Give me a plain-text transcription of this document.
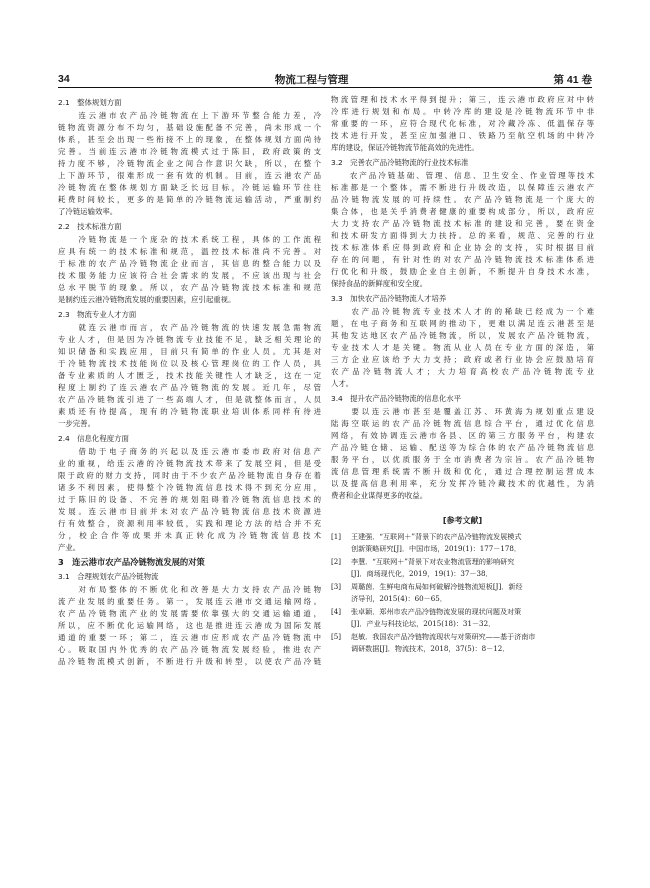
34	物流工程与管理	第 41 卷
2.1　整体规划方面
　　连云港市农产品冷链物流在上下游环节整合能力差，冷
链物流资源分布不均匀，基础设施配备不完善，尚未形成一个
体系，甚至会出现一些衔接不上的现象，在整体规划方面尚待
完善。当前连云港市冷链物流模式过于陈旧，政府政策的支
持力度不够，冷链物流企业之间合作意识欠缺，所以，在整个
上下游环节，很难形成一套有效的机制。目前，连云港农产品
冷链物流在整体规划方面缺乏长远目标，冷链运输环节往往
耗费时间较长，更多的是简单的冷链物流运输活动，严重制约
了冷链运输效率。
2.2　技术标准方面
　　冷链物流是一个庞杂的技术系统工程，具体的工作流程
应具有统一的技术标准和规范，温控技术标准尚不完善。对
于标准的农产品冷链物流企业而言，其信息的整合能力以及
技术服务能力应该符合社会需求的发展，不应该出现与社会
总水平脱节的现象。所以，农产品冷链物流技术标准和规范
是制约连云港冷链物流发展的重要因素，应引起重视。
2.3　物流专业人才方面
　　就连云港市而言，农产品冷链物流的快速发展急需物流
专业人才，但是因为冷链物流专业技能不足，缺乏相关理论的
知识储备和实践应用，目前只有简单的作业人员。尤其是对
于冷链物流技术技能岗位以及核心管理岗位的工作人员，具
备专业素质的人才匮乏，技术技能关键性人才缺乏，这在一定
程度上制约了连云港农产品冷链物流的发展。近几年，尽管
农产品冷链物流引进了一些高端人才，但是就整体而言，人员
素质还有待提高，现有的冷链物流职业培训体系同样有待进
一步完善。
2.4　信息化程度方面
　　借助于电子商务的兴起以及连云港市委市政府对信息产
业的重视，给连云港的冷链物流技术带来了发展空间，但是受
限于政府的财力支持，同时由于不少农产品冷链物流自身存在着
诸多不利因素，使得整个冷链物流信息技术得不到充分应用，
过于陈旧的设备、不完善的规划阻碍着冷链物流信息技术的
发展。连云港市目前并未对农产品冷链物流信息技术资源进
行有效整合，资源利用率较低，实践和理论方法的结合并不充
分，校企合作等成果并未真正转化成为冷链物流信息技术
产业。
3　连云港市农产品冷链物流发展的对策
3.1　合理规划农产品冷链物流
　　对布局整体的不断优化和改善是大力支持农产品冷链物
流产业发展的重要任务。第一，发展连云港市交通运输网络。
农产品冷链物流产业的发展需要依靠强大的交通运输通道，
所以，应不断优化运输网络，这也是推进连云港成为国际发展
通道的重要一环；第二，连云港市应形成农产品冷链物流中
心。吸取国内外优秀的农产品冷链物流发展经验，推进农产
品冷链物流模式创新，不断进行升级和转型，以使农产品冷链
物流管理和技术水平得到提升；第三，连云港市政府应对中转
冷库进行规划和布局。中转冷库的建设是冷链物流环节中非
常重要的一环，应符合现代化标准，对冷藏冷冻、低温保存等
技术进行开发，甚至应加强港口、铁路乃至航空机场的中转冷
库的建设，保证冷链物流节能高效的先进性。
3.2　完善农产品冷链物流的行业技术标准
　　农产品冷链基础、管理、信息、卫生安全、作业管理等技术
标准都是一个整体，需不断进行升级改造，以保障连云港农产
品冷链物流发展的可持续性。农产品冷链物流是一个庞大的
集合体，也是关乎消费者健康的重要构成部分，所以，政府应
大力支持农产品冷链物流技术标准的建设和完善，要在资金
和技术研发方面得到大力扶持。总的来看，规范、完善的行业
技术标准体系应得到政府和企业协会的支持，实时根据目前
存在的问题，有针对性的对农产品冷链物流技术标准体系进
行优化和升级，鼓励企业自主创新，不断提升自身技术水准，
保持食品的新鲜度和安全度。
3.3　加快农产品冷链物流人才培养
　　农产品冷链物流专业技术人才的的稀缺已经成为一个难
题，在电子商务和互联网的推动下，更难以满足连云港甚至是
其他发达地区农产品冷链物流，所以，发展农产品冷链物流，
专业技术人才是关键。物流从业人员在专业方面的深造，第
三方企业应该给予大力支持；政府或者行业协会应鼓励培育
农产品冷链物流人才；大力培育高校农产品冷链物流专业
人才。
3.4　提升农产品冷链物流的信息化水平
　　要以连云港市甚至是覆盖江苏、环黄海为规划重点建设
陆海空联运的农产品冷链物流信息综合平台，通过优化信息
网络，有效协调连云港市各县、区的第三方服务平台，构建农
产品冷链仓储、运输、配送等为综合体的农产品冷链物流信息
服务平台，以优质服务于全市消费者为宗旨。农产品冷链物
流信息管理系统需不断升级和优化，通过合理控制运营成本
以及提高信息利用率，充分发挥冷链冷藏技术的优越性，为消
费者和企业谋得更多的收益。
[参考文献]
[1] 王建强．“互联网＋”背景下的农产品冷链物流发展模式
创新策略研究[J]．中国市场，2019(1)：177－178．
[2] 李慧．“互联网＋”背景下对农业物流管理的影响研究
[J]．商场现代化，2019，19(1)：37－38．
[3] 周璐茵．生鲜电商布局如何破解冷链物流短板[J]．新经
济导刊，2015(4)：60－65．
[4] 张卓颖．郑州市农产品冷链物流发展的现状问题及对策
[J]．产业与科技论坛，2015(18)：31－32．
[5] 赵敏．我国农产品冷链物流现状与对策研究——基于济南市
调研数据[J]．物流技术，2018，37(5)：8－12．
